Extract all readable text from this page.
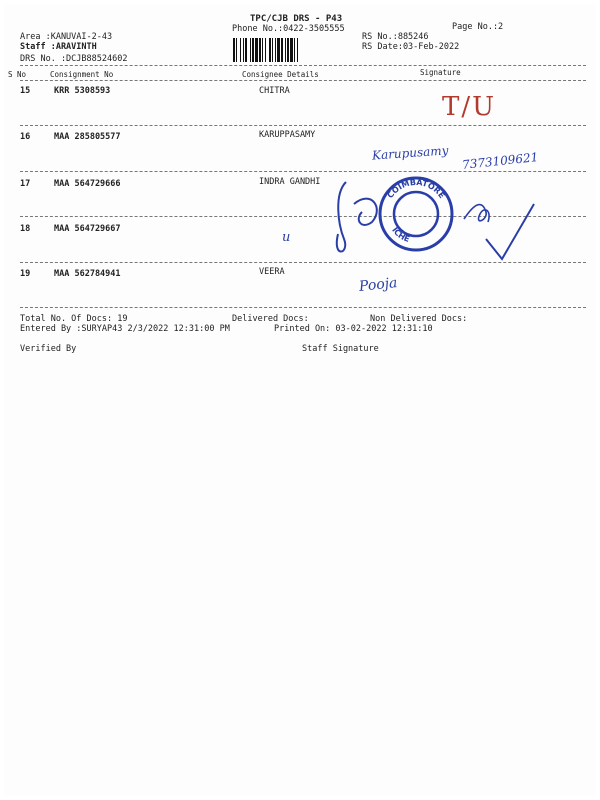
TPC/CJB DRS - P43
Phone No.:0422-3505555	Page No.:2
Area :KANUVAI-2-43
Staff :ARAVINTH
DRS No. :DCJB88524602
RS No.:885246
RS Date:03-Feb-2022
S No	Consignment No	Consignee Details	Signature
15	KRR 5308593	CHITRA
16	MAA 285805577	KARUPPASAMY
17	MAA 564729666	INDRA GANDHI
18	MAA 564729667
19	MAA 562784941	VEERA
T/U
Karupusamy 7373109621
u
Pooja
COIMBATORE
ICHE
Total No. Of Docs: 19	Delivered Docs:	Non Delivered Docs:
Entered By :SURYAP43 2/3/2022 12:31:00 PM	Printed On: 03-02-2022 12:31:10
Verified By	Staff Signature
